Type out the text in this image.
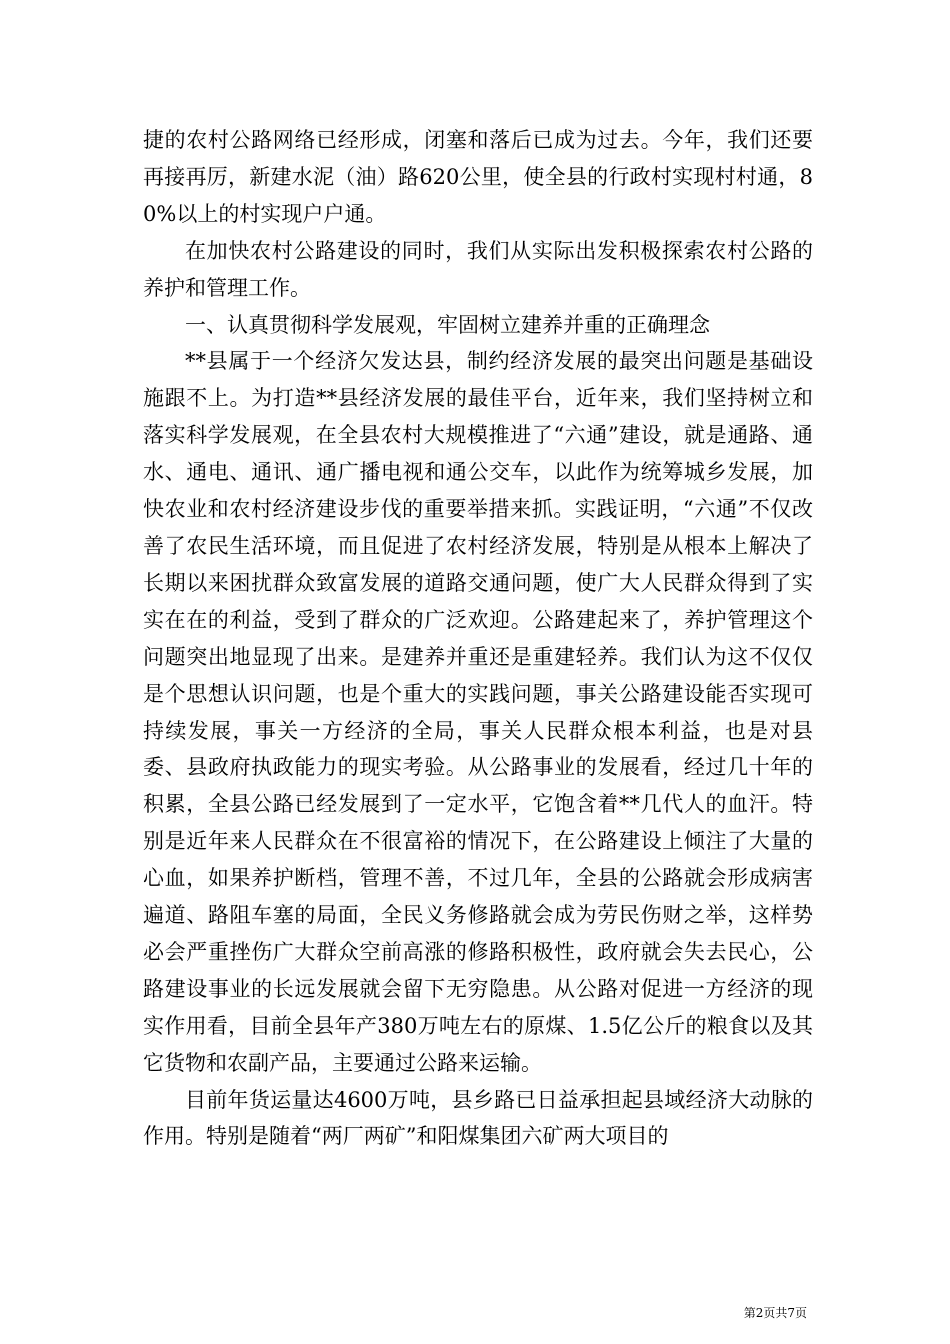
捷的农村公路网络已经形成，闭塞和落后已成为过去。今年，我们还要再接再厉，新建水泥（油）路620公里，使全县的行政村实现村村通，80%以上的村实现户户通。

在加快农村公路建设的同时，我们从实际出发积极探索农村公路的养护和管理工作。

一、认真贯彻科学发展观，牢固树立建养并重的正确理念

**县属于一个经济欠发达县，制约经济发展的最突出问题是基础设施跟不上。为打造**县经济发展的最佳平台，近年来，我们坚持树立和落实科学发展观，在全县农村大规模推进了“六通”建设，就是通路、通水、通电、通讯、通广播电视和通公交车，以此作为统筹城乡发展，加快农业和农村经济建设步伐的重要举措来抓。实践证明，“六通”不仅改善了农民生活环境，而且促进了农村经济发展，特别是从根本上解决了长期以来困扰群众致富发展的道路交通问题，使广大人民群众得到了实实在在的利益，受到了群众的广泛欢迎。公路建起来了，养护管理这个问题突出地显现了出来。是建养并重还是重建轻养。我们认为这不仅仅是个思想认识问题，也是个重大的实践问题，事关公路建设能否实现可持续发展，事关一方经济的全局，事关人民群众根本利益，也是对县委、县政府执政能力的现实考验。从公路事业的发展看，经过几十年的积累，全县公路已经发展到了一定水平，它饱含着**几代人的血汗。特别是近年来人民群众在不很富裕的情况下，在公路建设上倾注了大量的心血，如果养护断档，管理不善，不过几年，全县的公路就会形成病害遍道、路阻车塞的局面，全民义务修路就会成为劳民伤财之举，这样势必会严重挫伤广大群众空前高涨的修路积极性，政府就会失去民心，公路建设事业的长远发展就会留下无穷隐患。从公路对促进一方经济的现实作用看，目前全县年产380万吨左右的原煤、1.5亿公斤的粮食以及其它货物和农副产品，主要通过公路来运输。

目前年货运量达4600万吨，县乡路已日益承担起县域经济大动脉的作用。特别是随着“两厂两矿”和阳煤集团六矿两大项目的

第2页共7页
